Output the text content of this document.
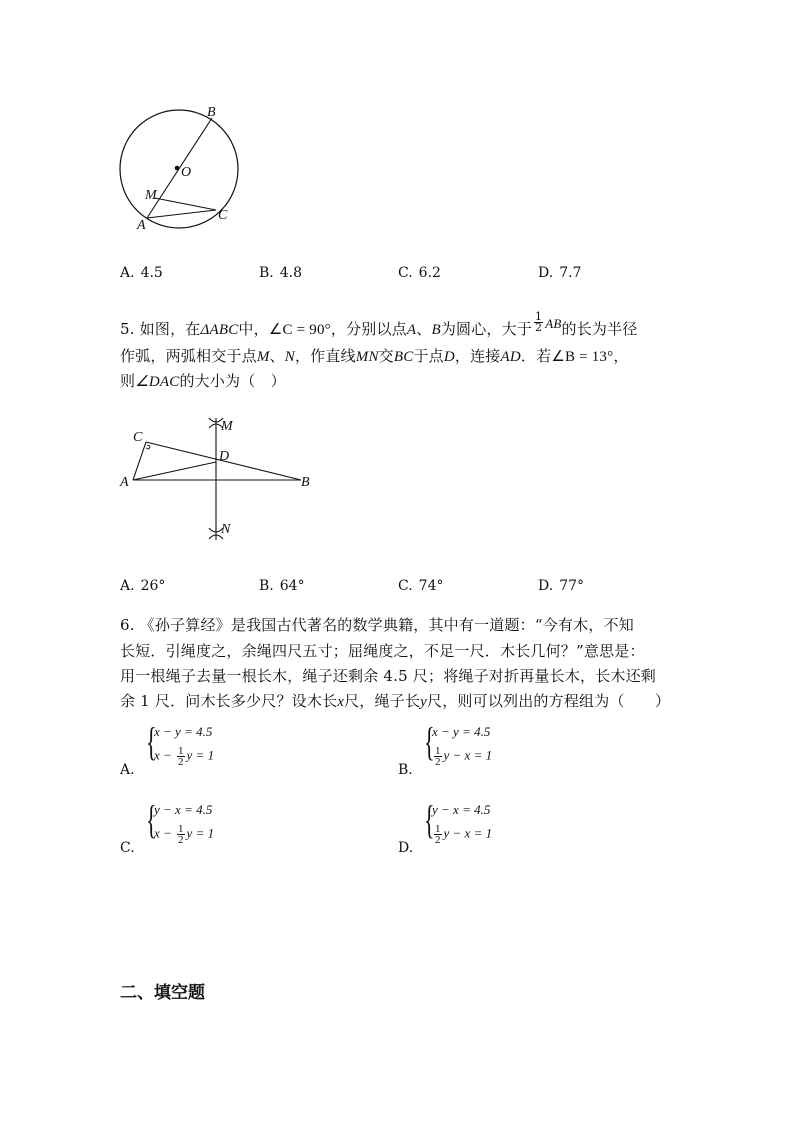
B
O
M
C
A
A. 4.5	B. 4.8	C. 6.2	D. 7.7
5. 如图，在ΔABC中，∠C = 90°，分别以点A、B为圆心，大于 $\frac{1}{2}$ AB的长为半径
作弧，两弧相交于点M、N，作直线MN交BC于点D，连接AD．若∠B = 13°，
则∠DAC的大小为（　）
C
M
D
A	B
N
A. 26°	B. 64°	C. 74°	D. 77°
6. 《孙子算经》是我国古代著名的数学典籍，其中有一道题：“今有木，不知
长短．引绳度之，余绳四尺五寸；屈绳度之，不足一尺．木长几何？”意思是：
用一根绳子去量一根长木，绳子还剩余 4.5 尺；将绳子对折再量长木，长木还剩
余 1 尺．问木长多少尺？设木长x尺，绳子长y尺，则可以列出的方程组为（　　）
A.
{
x − y = 4.5
$x - \frac{1}{2}$ y = 1
B.
{
x − y = 4.5
$\frac{1}{2}$ y − x = 1
C.
{
y − x = 4.5
$x - \frac{1}{2}$ y = 1
D.
{
y − x = 4.5
$\frac{1}{2}$ y − x = 1
二、填空题
